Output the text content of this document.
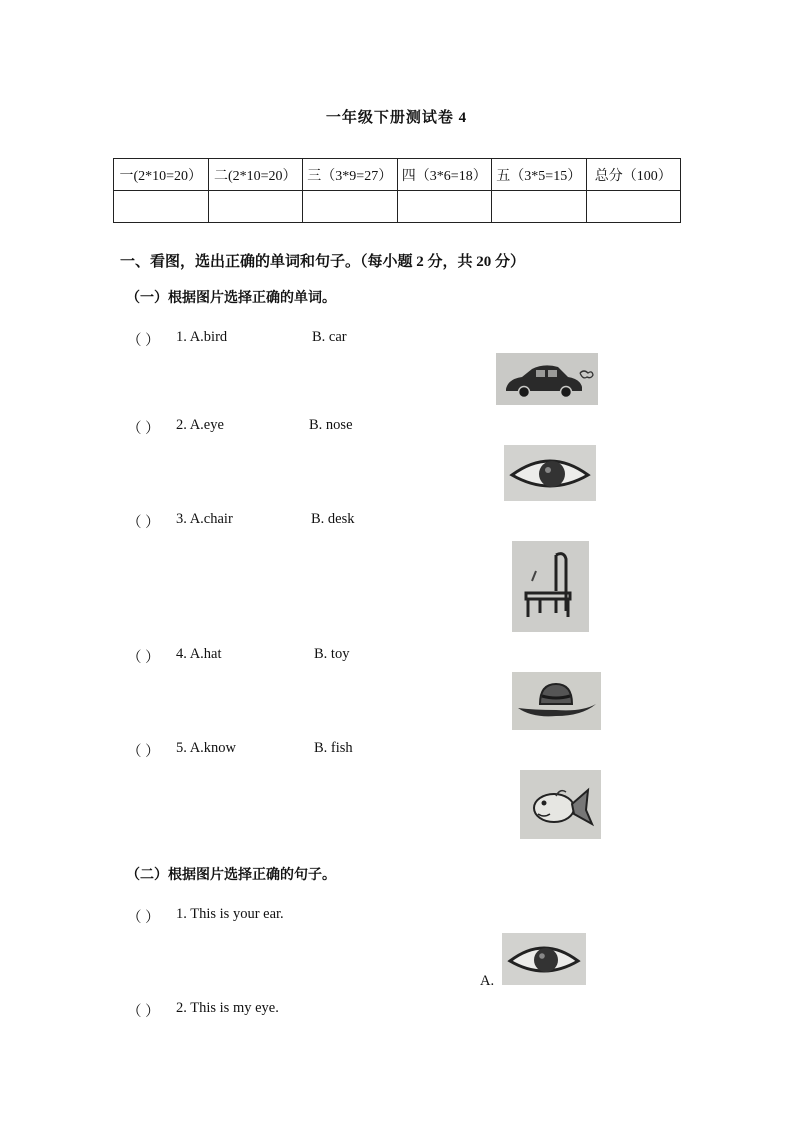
一年级下册测试卷 4
一(2*10=20）	二(2*10=20）	三（3*9=27）	四（3*6=18）	五（3*5=15）	总分（100）

一、看图，选出正确的单词和句子。（每小题 2 分，共 20 分）
（一）根据图片选择正确的单词。
（ ）	1. A.bird	B. car
（ ）	2. A.eye	B. nose
（ ）	3. A.chair	B. desk
（ ）	4. A.hat	B. toy
（ ）	5. A.know	B. fish
（二）根据图片选择正确的句子。
（ ）	1. This is your ear.
A.
（ ）	2. This is my eye.
